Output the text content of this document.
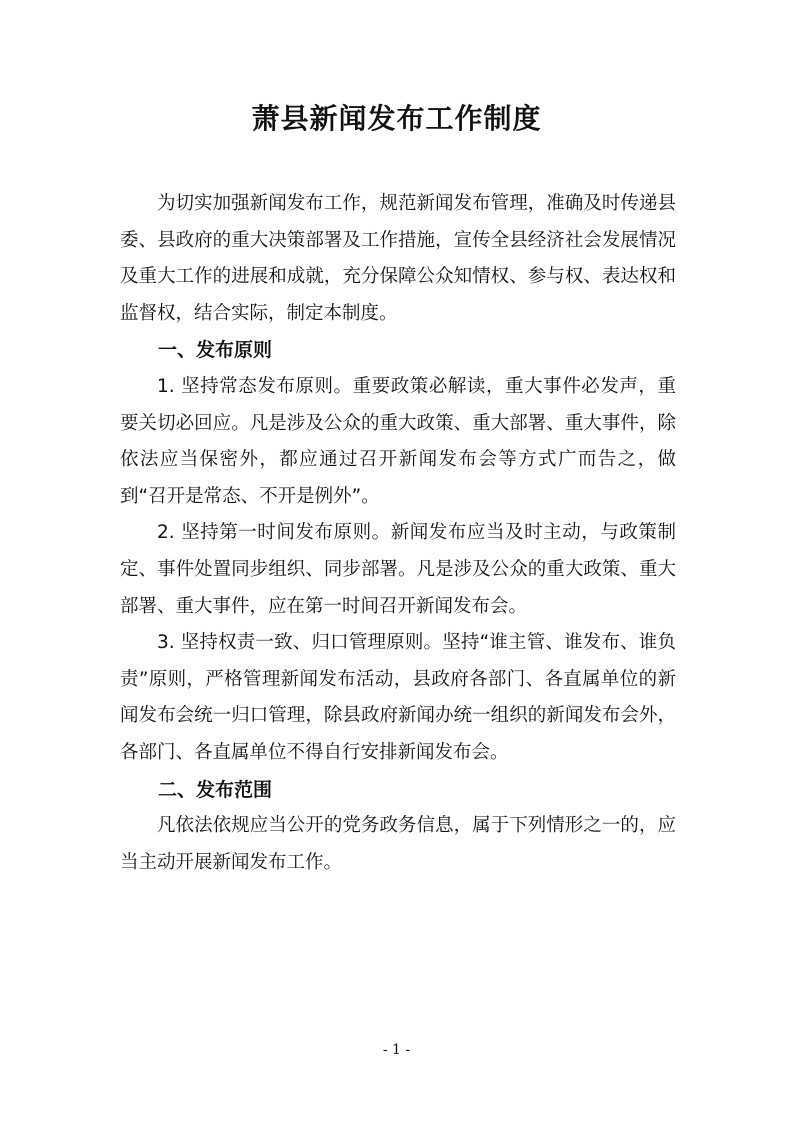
萧县新闻发布工作制度

为切实加强新闻发布工作，规范新闻发布管理，准确及时传递县委、县政府的重大决策部署及工作措施，宣传全县经济社会发展情况及重大工作的进展和成就，充分保障公众知情权、参与权、表达权和监督权，结合实际，制定本制度。

一、发布原则

1. 坚持常态发布原则。重要政策必解读，重大事件必发声，重要关切必回应。凡是涉及公众的重大政策、重大部署、重大事件，除依法应当保密外，都应通过召开新闻发布会等方式广而告之，做到“召开是常态、不开是例外”。

2. 坚持第一时间发布原则。新闻发布应当及时主动，与政策制定、事件处置同步组织、同步部署。凡是涉及公众的重大政策、重大部署、重大事件，应在第一时间召开新闻发布会。

3. 坚持权责一致、归口管理原则。坚持“谁主管、谁发布、谁负责”原则，严格管理新闻发布活动，县政府各部门、各直属单位的新闻发布会统一归口管理，除县政府新闻办统一组织的新闻发布会外，各部门、各直属单位不得自行安排新闻发布会。

二、发布范围

凡依法依规应当公开的党务政务信息，属于下列情形之一的，应当主动开展新闻发布工作。

- 1 -
